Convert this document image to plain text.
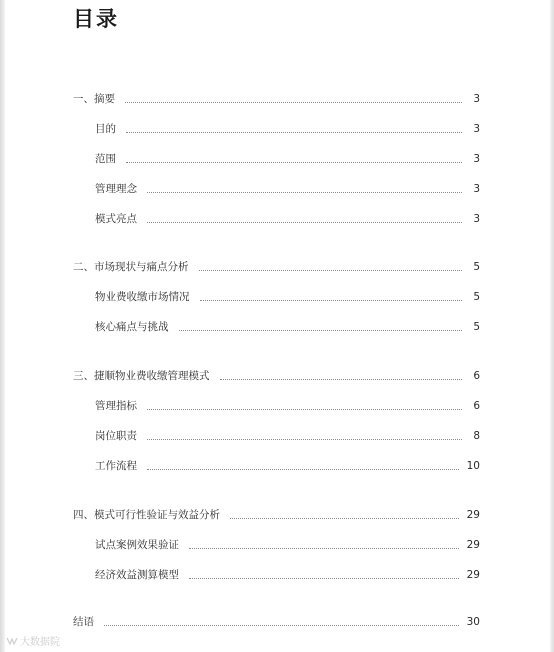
目录
一、摘要	3
目的	3
范围	3
管理理念	3
模式亮点	3
二、市场现状与痛点分析	5
物业费收缴市场情况	5
核心痛点与挑战	5
三、捷顺物业费收缴管理模式	6
管理指标	6
岗位职责	8
工作流程	10
四、模式可行性验证与效益分析	29
试点案例效果验证	29
经济效益测算模型	29
结语	30
大数据院
